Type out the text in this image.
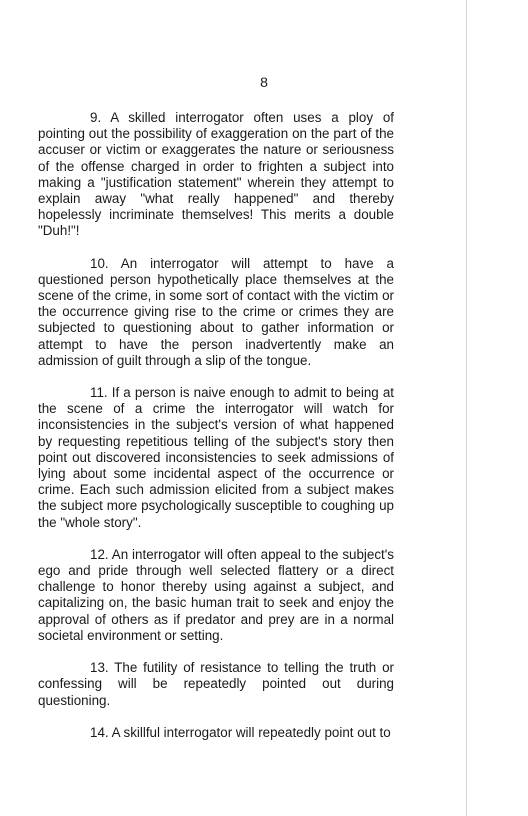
8

9. A skilled interrogator often uses a ploy of pointing out the possibility of exaggeration on the part of the accuser or victim or exaggerates the nature or seriousness of the offense charged in order to frighten a subject into making a "justification statement" wherein they attempt to explain away "what really happened" and thereby hopelessly incriminate themselves! This merits a double "Duh!"!

10. An interrogator will attempt to have a questioned person hypothetically place themselves at the scene of the crime, in some sort of contact with the victim or the occurrence giving rise to the crime or crimes they are subjected to questioning about to gather information or attempt to have the person inadvertently make an admission of guilt through a slip of the tongue.

11. If a person is naive enough to admit to being at the scene of a crime the interrogator will watch for inconsistencies in the subject's version of what happened by requesting repetitious telling of the subject's story then point out discovered inconsistencies to seek admissions of lying about some incidental aspect of the occurrence or crime. Each such admission elicited from a subject makes the subject more psychologically susceptible to coughing up the "whole story".

12. An interrogator will often appeal to the subject's ego and pride through well selected flattery or a direct challenge to honor thereby using against a subject, and capitalizing on, the basic human trait to seek and enjoy the approval of others as if predator and prey are in a normal societal environment or setting.

13. The futility of resistance to telling the truth or confessing will be repeatedly pointed out during questioning.

14. A skillful interrogator will repeatedly point out to
